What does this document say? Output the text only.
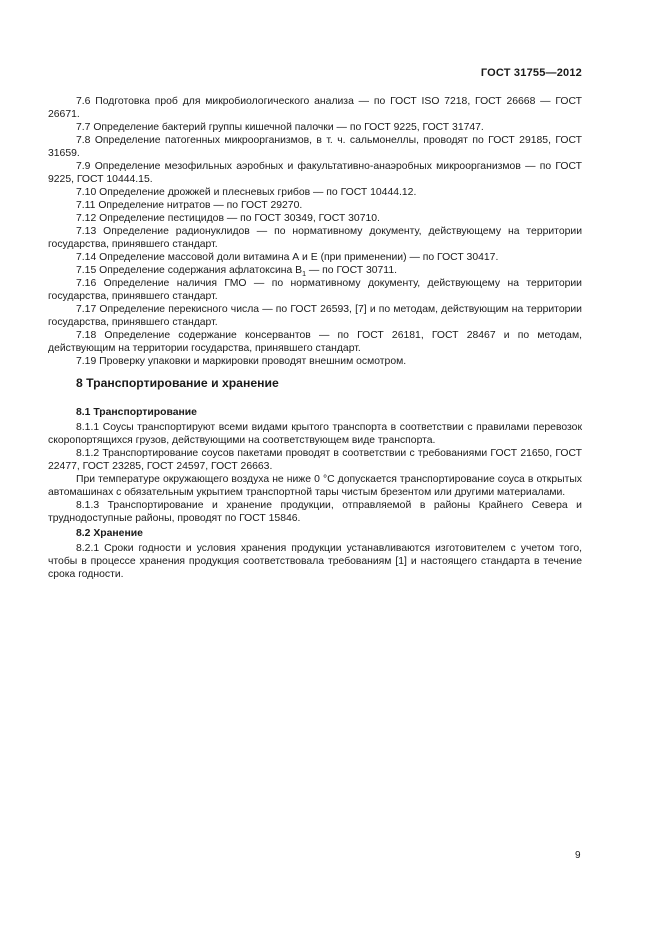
ГОСТ 31755—2012

7.6 Подготовка проб для микробиологического анализа — по ГОСТ ISO 7218, ГОСТ 26668 — ГОСТ 26671.

7.7 Определение бактерий группы кишечной палочки — по ГОСТ 9225, ГОСТ 31747.

7.8 Определение патогенных микроорганизмов, в т. ч. сальмонеллы, проводят по ГОСТ 29185, ГОСТ 31659.

7.9 Определение мезофильных аэробных и факультативно-анаэробных микроорганизмов — по ГОСТ 9225, ГОСТ 10444.15.

7.10 Определение дрожжей и плесневых грибов — по ГОСТ 10444.12.

7.11 Определение нитратов — по ГОСТ 29270.

7.12 Определение пестицидов — по ГОСТ 30349, ГОСТ 30710.

7.13 Определение радионуклидов — по нормативному документу, действующему на территории государства, принявшего стандарт.

7.14 Определение массовой доли витамина А и Е (при применении) — по ГОСТ 30417.

7.15 Определение содержания афлатоксина $B_1$ — по ГОСТ 30711.

7.16 Определение наличия ГМО — по нормативному документу, действующему на территории государства, принявшего стандарт.

7.17 Определение перекисного числа — по ГОСТ 26593, [7] и по методам, действующим на территории государства, принявшего стандарт.

7.18 Определение содержание консервантов — по ГОСТ 26181, ГОСТ 28467 и по методам, действующим на территории государства, принявшего стандарт.

7.19 Проверку упаковки и маркировки проводят внешним осмотром.

8 Транспортирование и хранение
8.1 Транспортирование

8.1.1 Соусы транспортируют всеми видами крытого транспорта в соответствии с правилами перевозок скоропортящихся грузов, действующими на соответствующем виде транспорта.

8.1.2 Транспортирование соусов пакетами проводят в соответствии с требованиями ГОСТ 21650, ГОСТ 22477, ГОСТ 23285, ГОСТ 24597, ГОСТ 26663.

При температуре окружающего воздуха не ниже 0 °С допускается транспортирование соуса в открытых автомашинах с обязательным укрытием транспортной тары чистым брезентом или другими материалами.

8.1.3 Транспортирование и хранение продукции, отправляемой в районы Крайнего Севера и труднодоступные районы, проводят по ГОСТ 15846.

8.2 Хранение

8.2.1 Сроки годности и условия хранения продукции устанавливаются изготовителем с учетом того, чтобы в процессе хранения продукция соответствовала требованиям [1] и настоящего стандарта в течение срока годности.

9
